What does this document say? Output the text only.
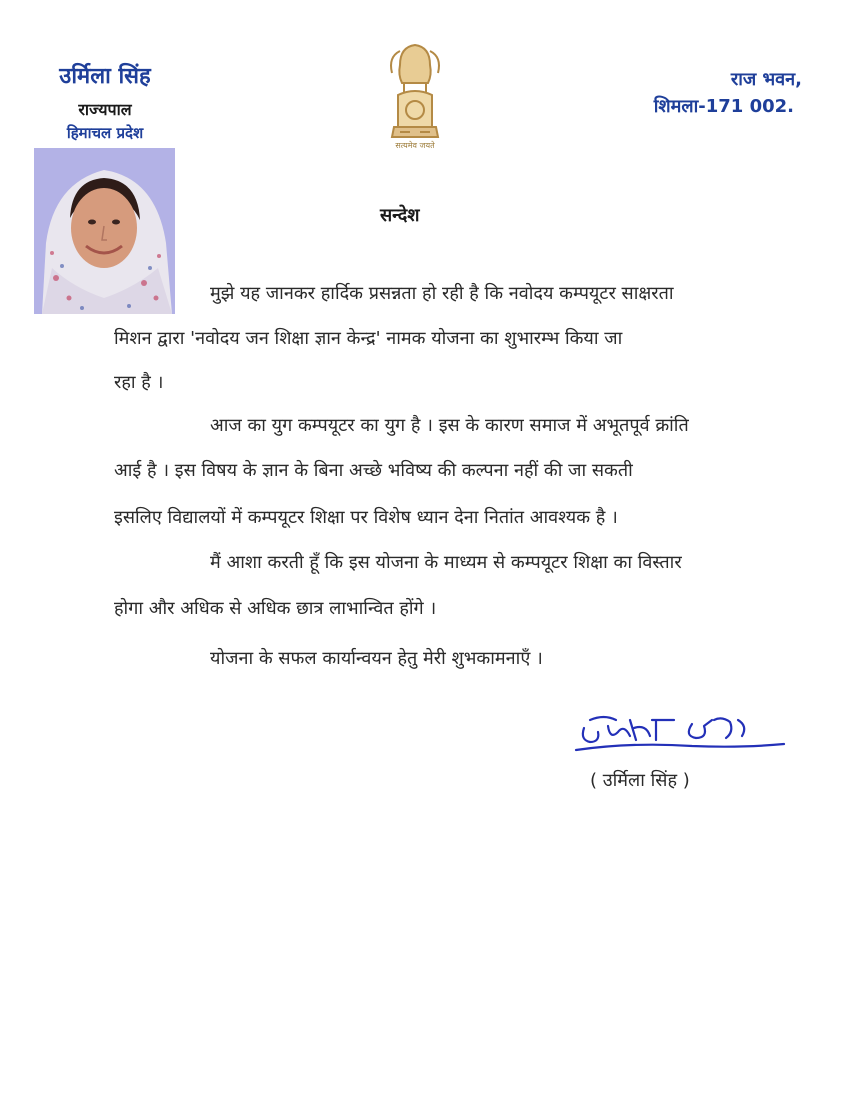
उर्मिला सिंह
राज्यपाल
हिमाचल प्रदेश
सत्यमेव जयते
राज भवन,
शिमला-171 002.
सन्देश
मुझे यह जानकर हार्दिक प्रसन्नता हो रही है कि नवोदय कम्पयूटर साक्षरता
मिशन द्वारा 'नवोदय जन शिक्षा ज्ञान केन्द्र' नामक योजना का शुभारम्भ किया जा
रहा है ।
आज का युग कम्पयूटर का युग है । इस के कारण समाज में अभूतपूर्व क्रांति
आई है । इस विषय के ज्ञान के बिना अच्छे भविष्य की कल्पना नहीं की जा सकती
इसलिए विद्यालयों में कम्पयूटर शिक्षा पर विशेष ध्यान देना नितांत आवश्यक है ।
मैं आशा करती हूँ कि इस योजना के माध्यम से कम्पयूटर शिक्षा का विस्तार
होगा और अधिक से अधिक छात्र लाभान्वित होंगे ।
योजना के सफल कार्यान्वयन हेतु मेरी शुभकामनाएँ ।
( उर्मिला सिंह )
